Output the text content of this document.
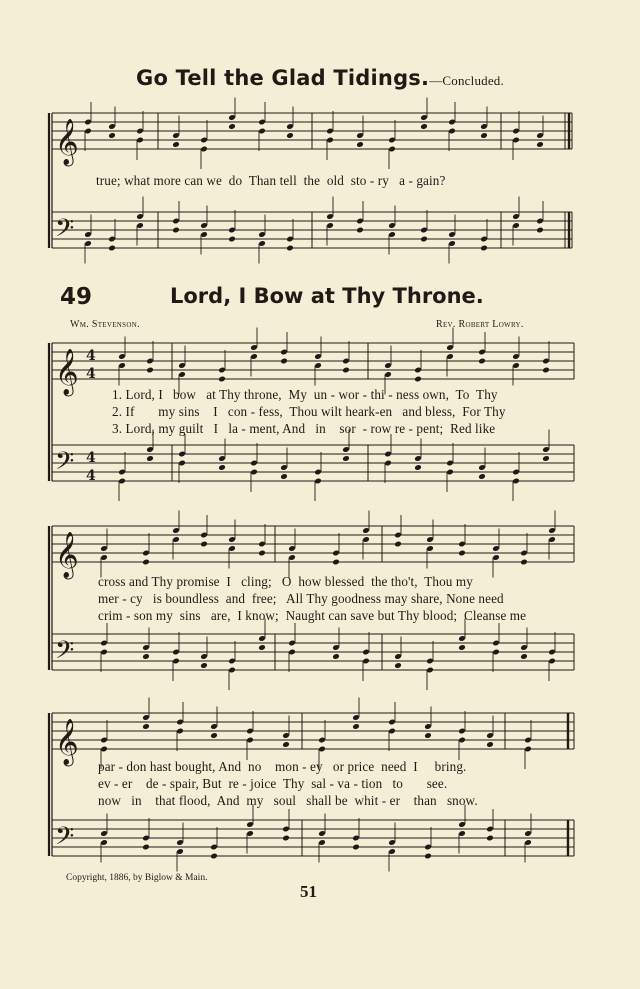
Go Tell the Glad Tidings.—Concluded.
𝄞
𝄢
𝄞
𝄢
4
4
4
4
𝄞
𝄢
𝄞
𝄢
true; what more can we  do  Than tell  the  old  sto - ry   a - gain?
49	Lord, I Bow at Thy Throne.
Wm. Stevenson.	Rev. Robert Lowry.
1. Lord, I   bow   at Thy throne,  My  un - wor - thi - ness own,  To  Thy
2. If       my sins    I   con - fess,  Thou wilt heark-en   and bless,  For Thy
3. Lord, my guilt   I   la - ment, And   in    sor  - row re - pent;  Red like
cross and Thy promise  I   cling;   O  how blessed  the tho't,  Thou my
mer - cy   is boundless  and  free;   All Thy goodness may share, None need
crim - son my  sins   are,  I know;  Naught can save but Thy blood;  Cleanse me
par - don hast bought, And  no    mon - ey   or price  need  I     bring.
ev - er    de - spair, But  re - joice  Thy  sal - va - tion   to       see.
now   in    that flood,  And  my   soul   shall be  whit - er    than   snow.
Copyright, 1886, by Biglow & Main.
51
